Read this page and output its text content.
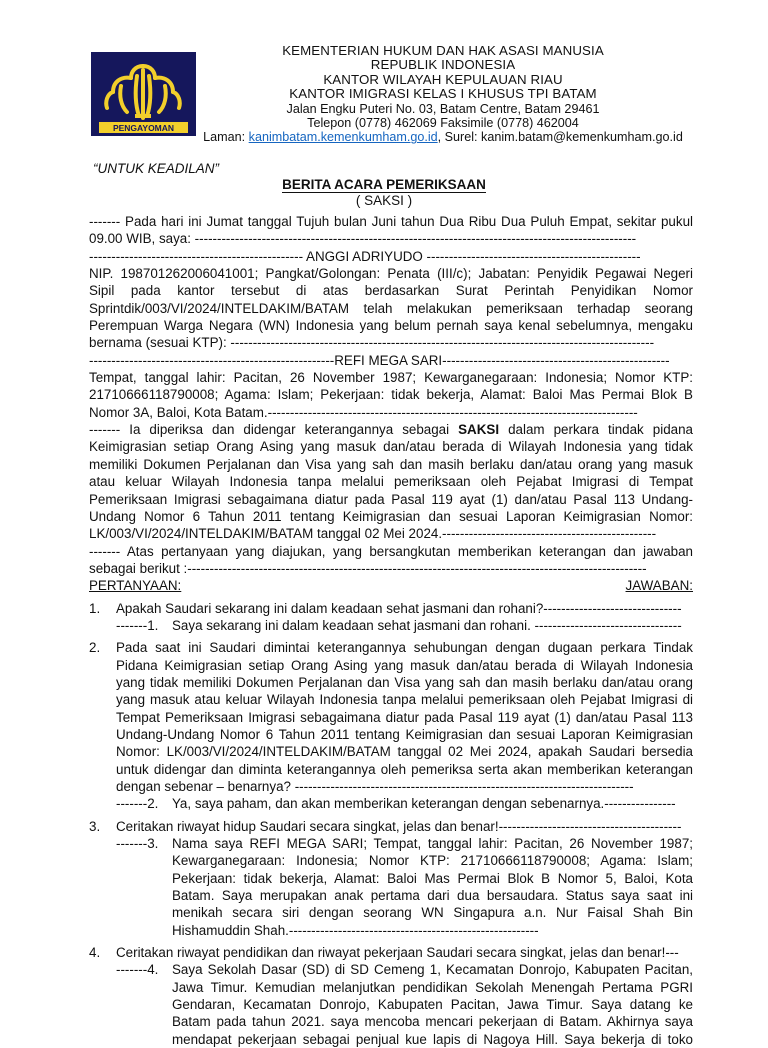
PENGAYOMAN
KEMENTERIAN HUKUM DAN HAK ASASI MANUSIA
REPUBLIK INDONESIA
KANTOR WILAYAH KEPULAUAN RIAU
KANTOR IMIGRASI KELAS I KHUSUS TPI BATAM
Jalan Engku Puteri No. 03, Batam Centre, Batam 29461
Telepon (0778) 462069 Faksimile (0778) 462004
Laman: kanimbatam.kemenkumham.go.id, Surel: kanim.batam@kemenkumham.go.id
“UNTUK KEADILAN”
BERITA ACARA PEMERIKSAAN
( SAKSI )
------- Pada hari ini Jumat tanggal Tujuh bulan Juni tahun Dua Ribu Dua Puluh Empat, sekitar pukul
09.00 WIB, saya: ---------------------------------------------------------------------------------------------------
------------------------------------------------ ANGGI ADRIYUDO ------------------------------------------------
NIP. 198701262006041001; Pangkat/Golongan: Penata (III/c); Jabatan: Penyidik Pegawai Negeri
Sipil pada kantor tersebut di atas berdasarkan Surat Perintah Penyidikan Nomor
Sprintdik/003/VI/2024/INTELDAKIM/BATAM telah melakukan pemeriksaan terhadap seorang
Perempuan Warga Negara (WN) Indonesia yang belum pernah saya kenal sebelumnya, mengaku
bernama (sesuai KTP): -----------------------------------------------------------------------------------------------
-------------------------------------------------------REFI MEGA SARI---------------------------------------------------
Tempat, tanggal lahir: Pacitan, 26 November 1987; Kewarganegaraan: Indonesia; Nomor KTP:
21710666118790008; Agama: Islam; Pekerjaan: tidak bekerja, Alamat: Baloi Mas Permai Blok B
Nomor 3A, Baloi, Kota Batam.-----------------------------------------------------------------------------------
------- Ia diperiksa dan didengar keterangannya sebagai SAKSI dalam perkara tindak pidana
Keimigrasian setiap Orang Asing yang masuk dan/atau berada di Wilayah Indonesia yang tidak
memiliki Dokumen Perjalanan dan Visa yang sah dan masih berlaku dan/atau orang yang masuk
atau keluar Wilayah Indonesia tanpa melalui pemeriksaan oleh Pejabat Imigrasi di Tempat
Pemeriksaan Imigrasi sebagaimana diatur pada Pasal 119 ayat (1) dan/atau Pasal 113 Undang-
Undang Nomor 6 Tahun 2011 tentang Keimigrasian dan sesuai Laporan Keimigrasian Nomor:
LK/003/VI/2024/INTELDAKIM/BATAM tanggal 02 Mei 2024.------------------------------------------------
------- Atas pertanyaan yang diajukan, yang bersangkutan memberikan keterangan dan jawaban
sebagai berikut :-------------------------------------------------------------------------------------------------------
PERTANYAAN:	JAWABAN:
1. Apakah Saudari sekarang ini dalam keadaan sehat jasmani dan rohani?-------------------------------
-------1. Saya sekarang ini dalam keadaan sehat jasmani dan rohani. ---------------------------------
2. Pada saat ini Saudari dimintai keterangannya sehubungan dengan dugaan perkara Tindak
Pidana Keimigrasian setiap Orang Asing yang masuk dan/atau berada di Wilayah Indonesia
yang tidak memiliki Dokumen Perjalanan dan Visa yang sah dan masih berlaku dan/atau orang
yang masuk atau keluar Wilayah Indonesia tanpa melalui pemeriksaan oleh Pejabat Imigrasi di
Tempat Pemeriksaan Imigrasi sebagaimana diatur pada Pasal 119 ayat (1) dan/atau Pasal 113
Undang-Undang Nomor 6 Tahun 2011 tentang Keimigrasian dan sesuai Laporan Keimigrasian
Nomor: LK/003/VI/2024/INTELDAKIM/BATAM tanggal 02 Mei 2024, apakah Saudari bersedia
untuk didengar dan diminta keterangannya oleh pemeriksa serta akan memberikan keterangan
dengan sebenar – benarnya? ----------------------------------------------------------------------------
-------2. Ya, saya paham, dan akan memberikan keterangan dengan sebenarnya.----------------
3. Ceritakan riwayat hidup Saudari secara singkat, jelas dan benar!-----------------------------------------
-------3. Nama saya REFI MEGA SARI; Tempat, tanggal lahir: Pacitan, 26 November 1987;
Kewarganegaraan: Indonesia; Nomor KTP: 21710666118790008; Agama: Islam;
Pekerjaan: tidak bekerja, Alamat: Baloi Mas Permai Blok B Nomor 5, Baloi, Kota
Batam. Saya merupakan anak pertama dari dua bersaudara. Status saya saat ini
menikah secara siri dengan seorang WN Singapura a.n. Nur Faisal Shah Bin
Hishamuddin Shah.--------------------------------------------------------
4. Ceritakan riwayat pendidikan dan riwayat pekerjaan Saudari secara singkat, jelas dan benar!---
-------4. Saya Sekolah Dasar (SD) di SD Cemeng 1, Kecamatan Donrojo, Kabupaten Pacitan,
Jawa Timur. Kemudian melanjutkan pendidikan Sekolah Menengah Pertama PGRI
Gendaran, Kecamatan Donrojo, Kabupaten Pacitan, Jawa Timur. Saya datang ke
Batam pada tahun 2021. saya mencoba mencari pekerjaan di Batam. Akhirnya saya
mendapat pekerjaan sebagai penjual kue lapis di Nagoya Hill. Saya bekerja di toko
